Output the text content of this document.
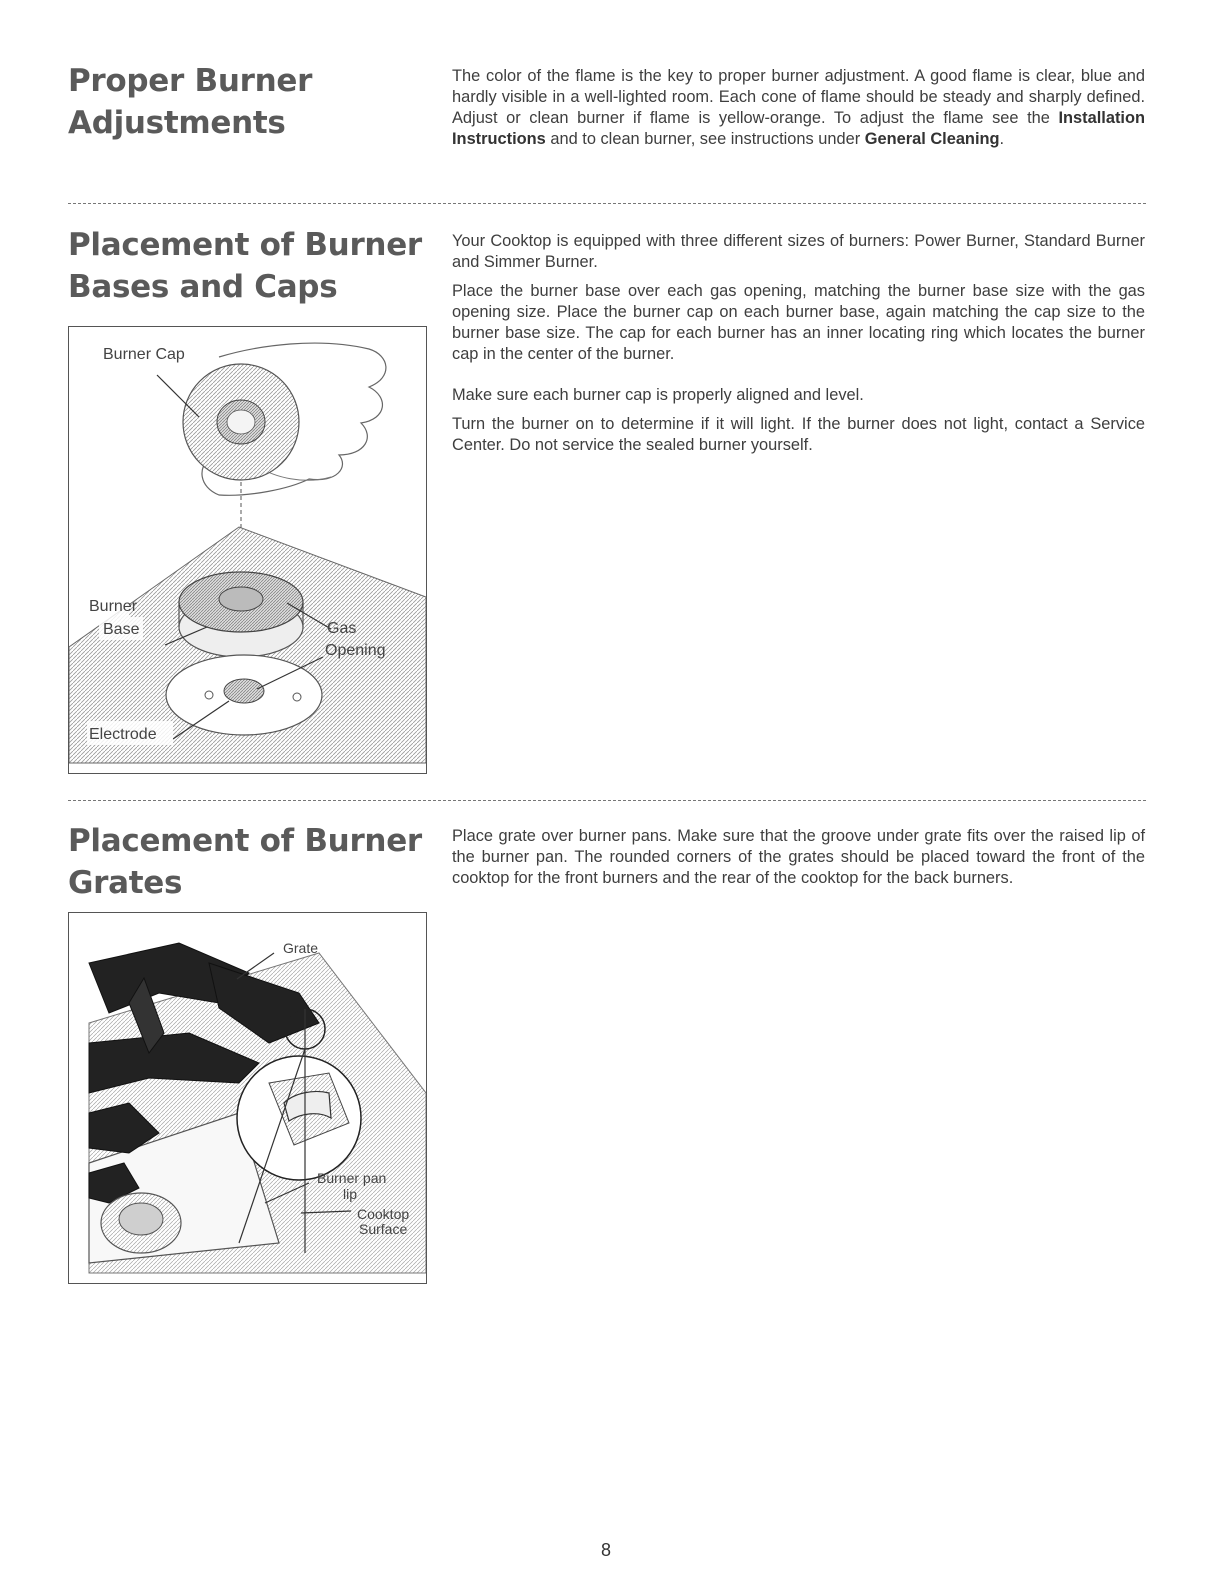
Proper Burner
Adjustments

The color of the flame is the key to proper burner adjustment. A good flame is clear, blue and hardly visible in a well-lighted room. Each cone of flame should be steady and sharply defined. Adjust or clean burner if flame is yellow-orange. To adjust the flame see the Installation Instructions and to clean burner, see instructions under General Cleaning.

Placement of Burner
Bases and Caps

Your Cooktop is equipped with three different sizes of burners: Power Burner, Standard Burner and Simmer Burner.

Place the burner base over each gas opening, matching the burner base size with the gas opening size. Place the burner cap on each burner base, again matching the cap size to the burner base size. The cap for each burner has an inner locating ring which locates the burner cap in the center of the burner.

Make sure each burner cap is properly aligned and level.

Turn the burner on to determine if it will light. If the burner does not light, contact a Service Center. Do not service the sealed burner yourself.

Burner Cap
Burner
Base	Gas
Opening
Electrode
Placement of Burner
Grates

Place grate over burner pans. Make sure that the groove under grate fits over the raised lip of the burner pan. The rounded corners of the grates should be placed toward the front of the cooktop for the front burners and the rear of the cooktop for the back burners.

Grate
Burner pan
lip
Cooktop
Surface
8
